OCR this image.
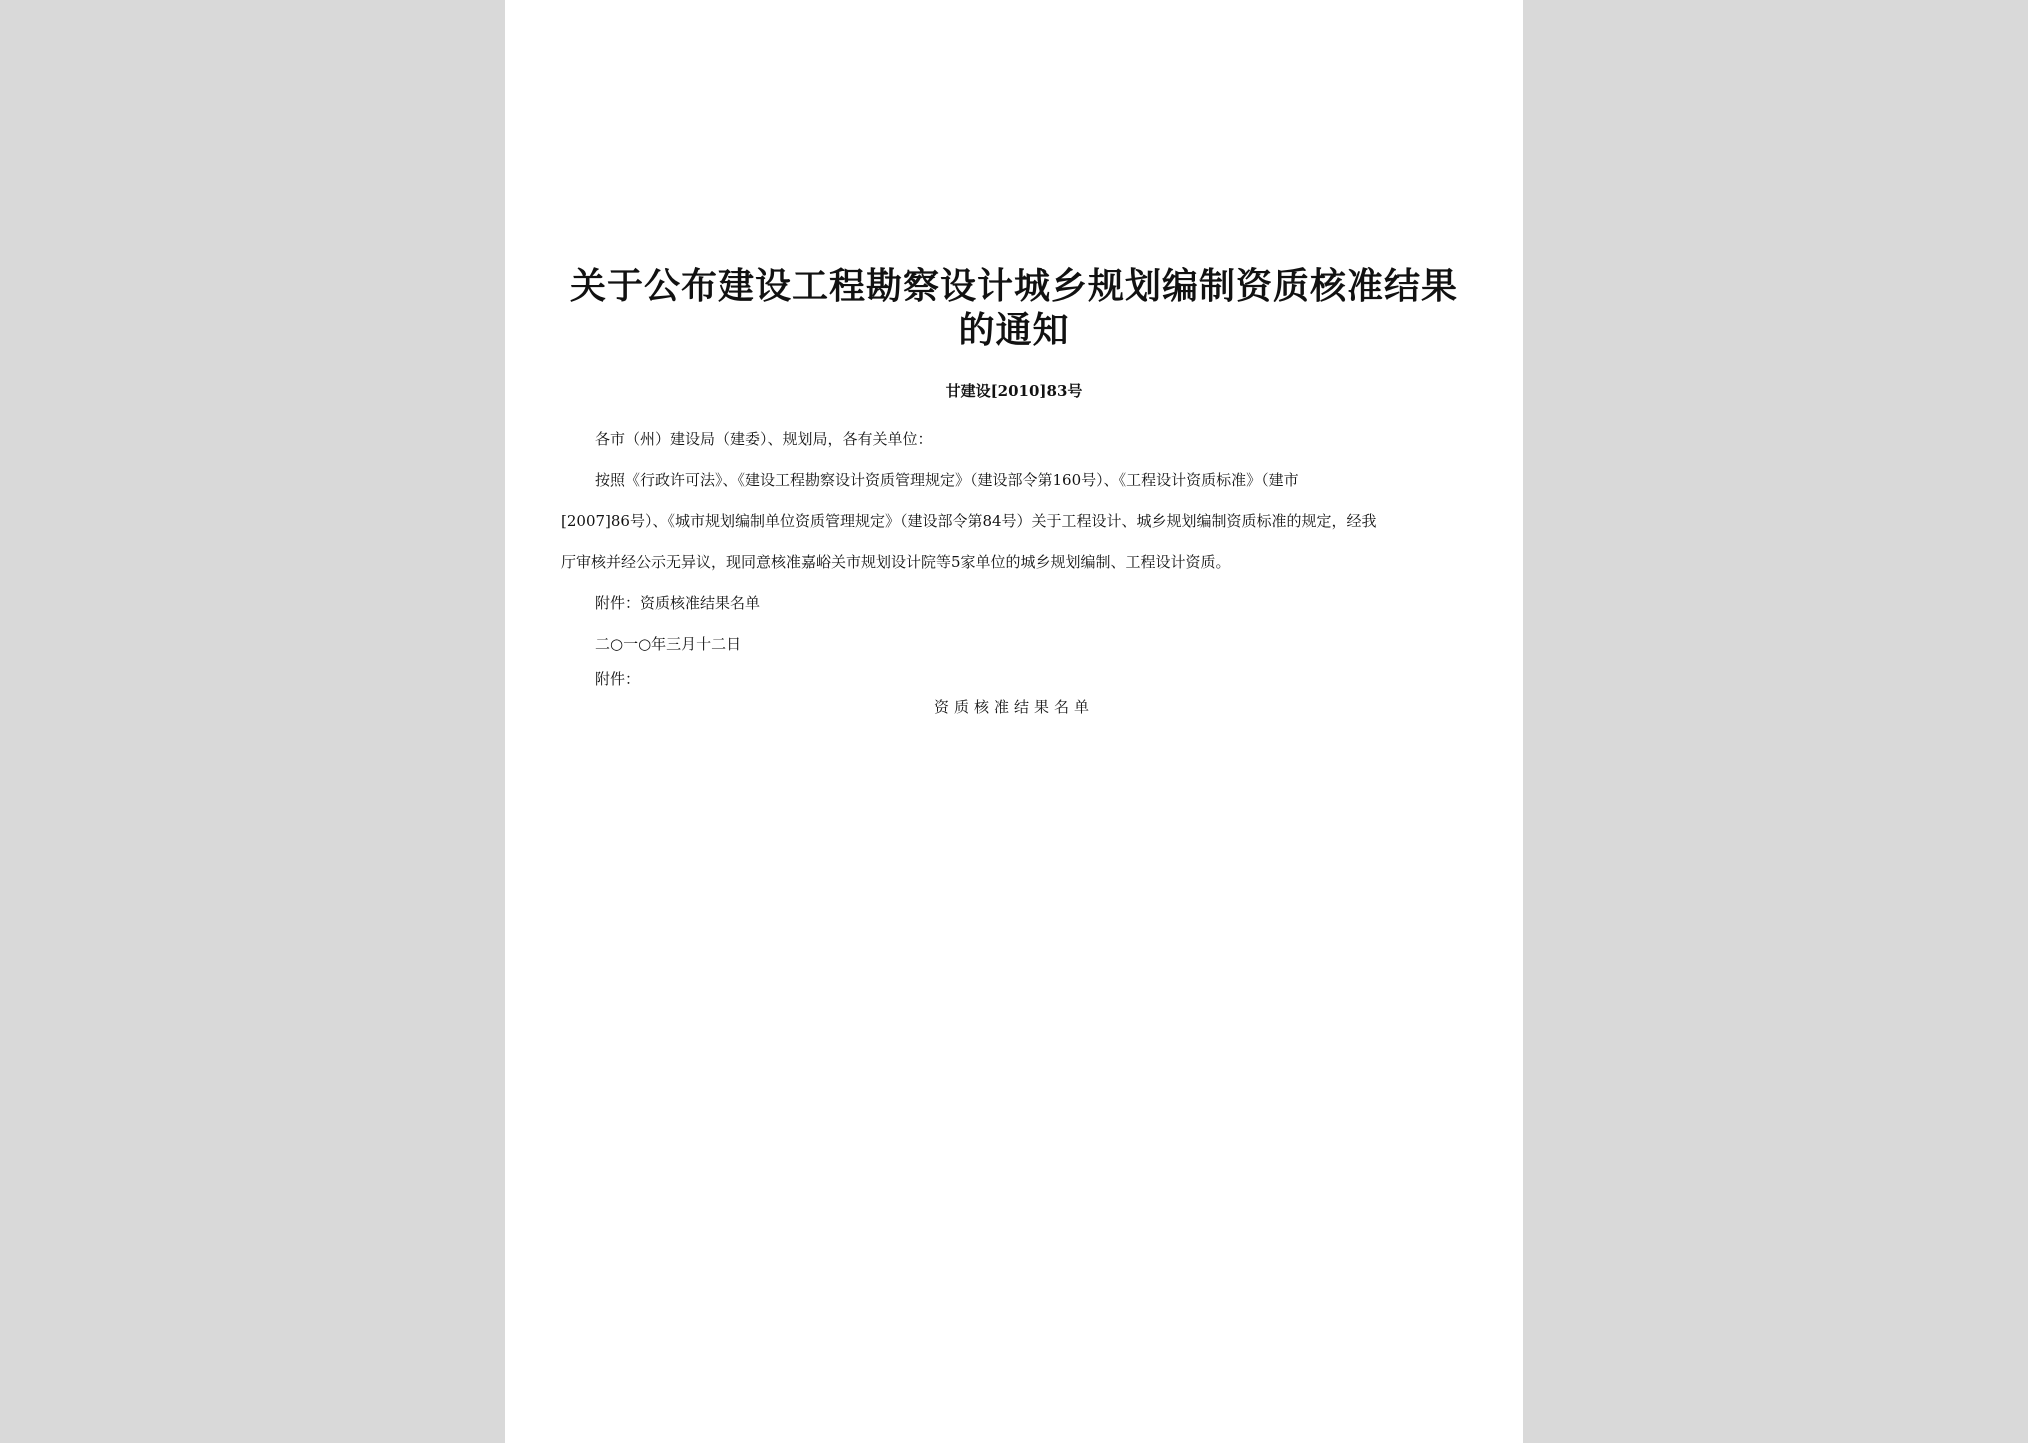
关于公布建设工程勘察设计城乡规划编制资质核准结果
的通知
甘建设[2010]83号
各市（州）建设局（建委）、规划局，各有关单位：
按照《行政许可法》、《建设工程勘察设计资质管理规定》（建设部令第160号）、《工程设计资质标准》（建市
[2007]86号）、《城市规划编制单位资质管理规定》（建设部令第84号）关于工程设计、城乡规划编制资质标准的规定，经我
厅审核并经公示无异议，现同意核准嘉峪关市规划设计院等5家单位的城乡规划编制、工程设计资质。
附件：资质核准结果名单
二○一○年三月十二日
附件：
资质核准结果名单
